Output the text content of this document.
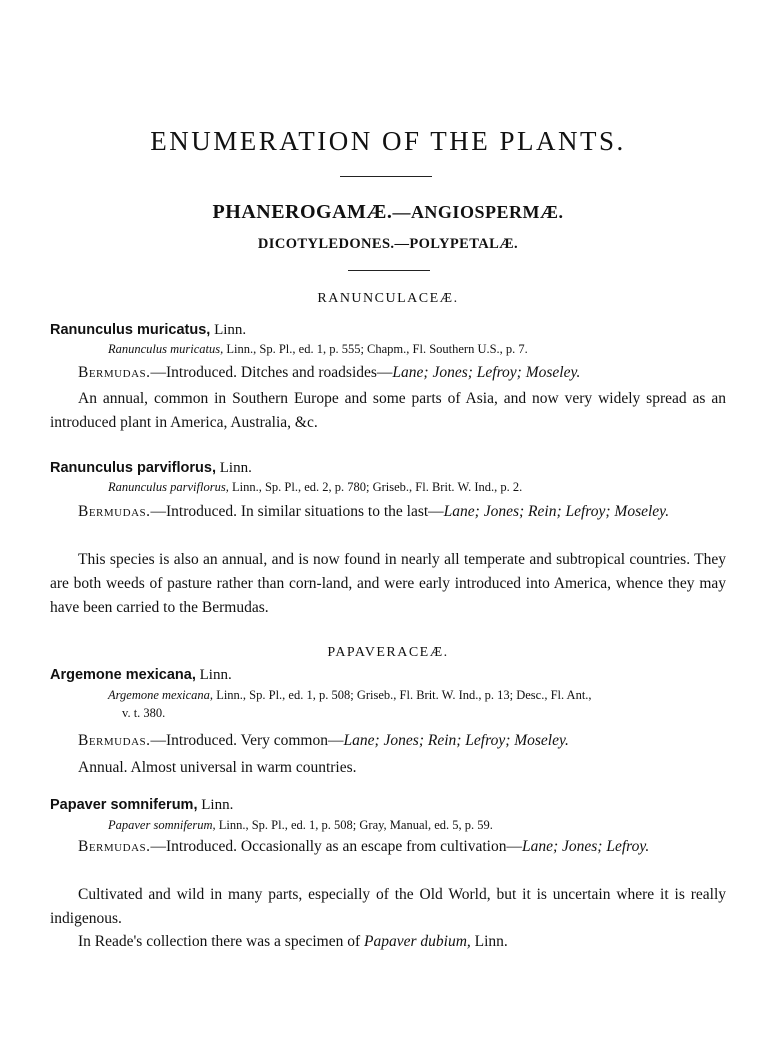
ENUMERATION OF THE PLANTS.
PHANEROGAMÆ.—ANGIOSPERMÆ.
DICOTYLEDONES.—POLYPETALÆ.
RANUNCULACEÆ.
Ranunculus muricatus, Linn.
Ranunculus muricatus, Linn., Sp. Pl., ed. 1, p. 555; Chapm., Fl. Southern U.S., p. 7.
Bermudas.—Introduced. Ditches and roadsides—Lane; Jones; Lefroy; Moseley.
An annual, common in Southern Europe and some parts of Asia, and now very widely spread as an introduced plant in America, Australia, &c.
Ranunculus parviflorus, Linn.
Ranunculus parviflorus, Linn., Sp. Pl., ed. 2, p. 780; Griseb., Fl. Brit. W. Ind., p. 2.
Bermudas.—Introduced. In similar situations to the last—Lane; Jones; Rein; Lefroy; Moseley.
This species is also an annual, and is now found in nearly all temperate and subtropical countries. They are both weeds of pasture rather than corn-land, and were early introduced into America, whence they may have been carried to the Bermudas.
PAPAVERACEÆ.
Argemone mexicana, Linn.
Argemone mexicana, Linn., Sp. Pl., ed. 1, p. 508; Griseb., Fl. Brit. W. Ind., p. 13; Desc., Fl. Ant.,
v. t. 380.
Bermudas.—Introduced. Very common—Lane; Jones; Rein; Lefroy; Moseley.
Annual. Almost universal in warm countries.
Papaver somniferum, Linn.
Papaver somniferum, Linn., Sp. Pl., ed. 1, p. 508; Gray, Manual, ed. 5, p. 59.
Bermudas.—Introduced. Occasionally as an escape from cultivation—Lane; Jones; Lefroy.
Cultivated and wild in many parts, especially of the Old World, but it is uncertain where it is really indigenous.
In Reade's collection there was a specimen of Papaver dubium, Linn.
